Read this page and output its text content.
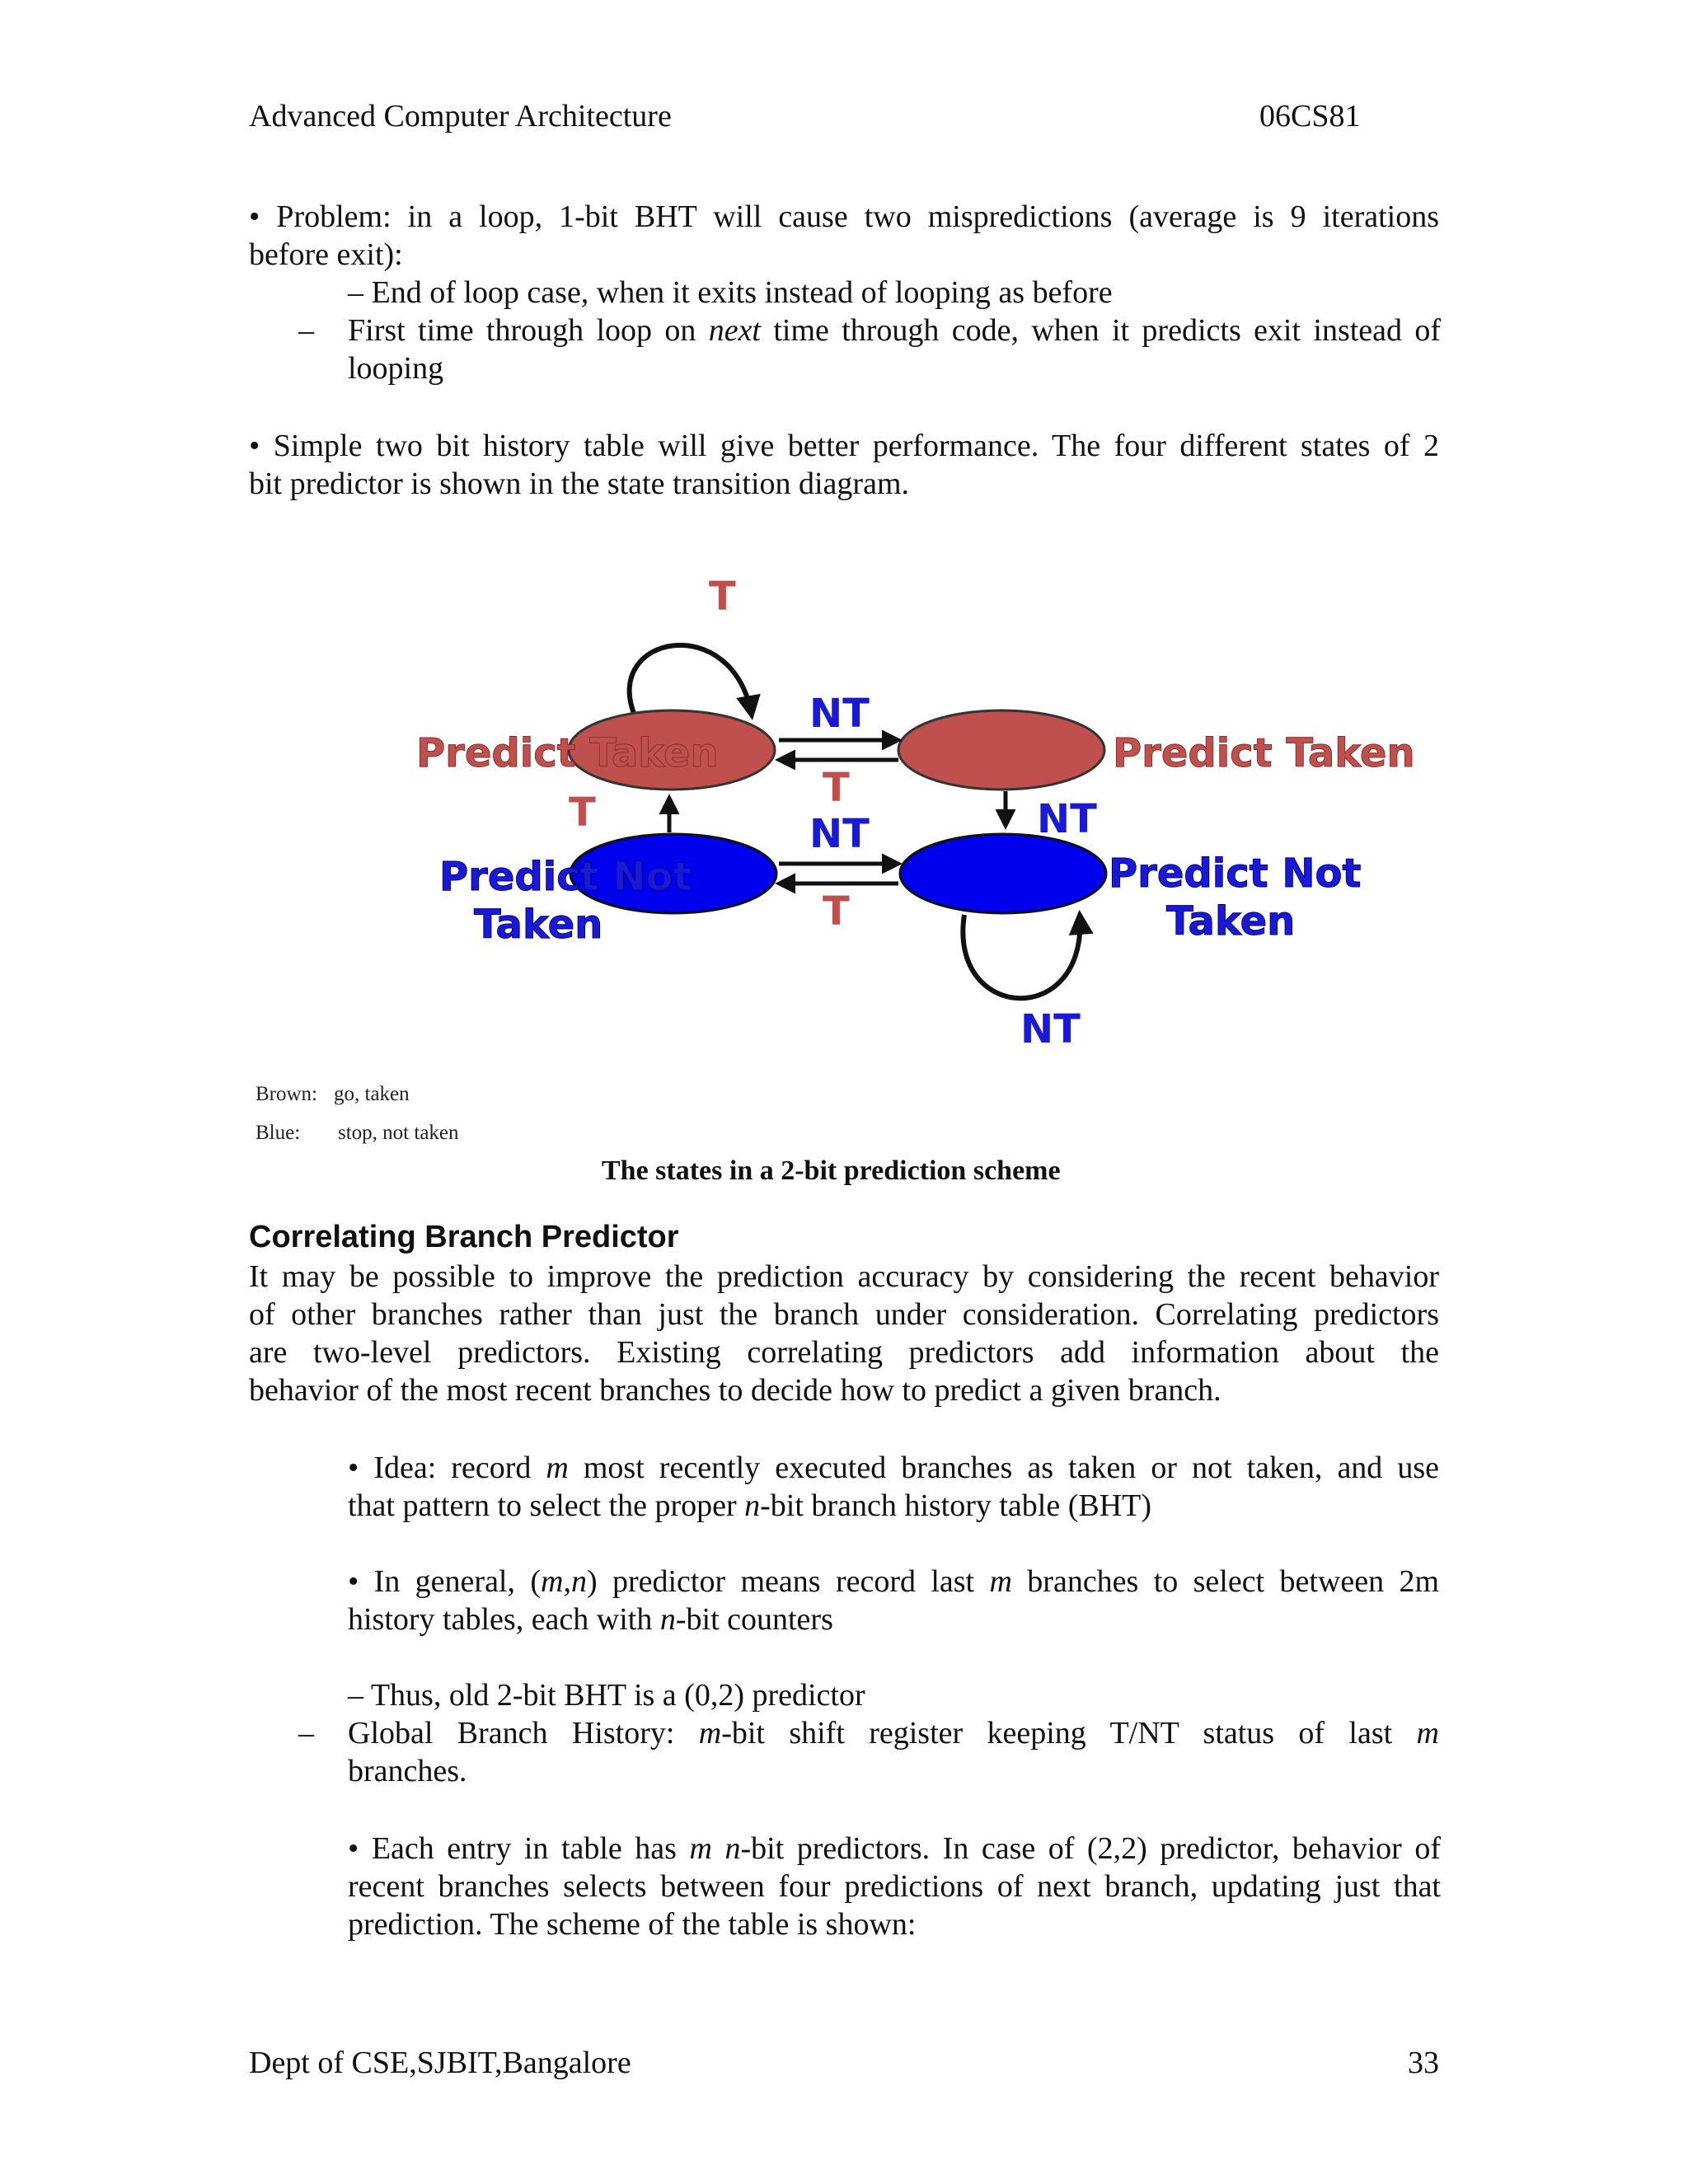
Advanced Computer Architecture	06CS81
• Problem: in a loop, 1-bit BHT will cause two mispredictions (average is 9 iterations
before exit):
– End of loop case, when it exits instead of looping as before
– First time through loop on next time through code, when it predicts exit instead of
looping
• Simple two bit history table will give better performance. The four different states of 2
bit predictor is shown in the state transition diagram.
Predict Taken	Predict Taken
Predict Not
Taken
Predict Not
Taken
T
NT
T
T	NT	NT
T
NT
Brown: go, taken
Blue: stop, not taken
The states in a 2-bit prediction scheme
Correlating Branch Predictor
It may be possible to improve the prediction accuracy by considering the recent behavior
of other branches rather than just the branch under consideration. Correlating predictors
are two-level predictors. Existing correlating predictors add information about the
behavior of the most recent branches to decide how to predict a given branch.
• Idea: record m most recently executed branches as taken or not taken, and use
that pattern to select the proper n-bit branch history table (BHT)
• In general, (m,n) predictor means record last m branches to select between 2m
history tables, each with n-bit counters
– Thus, old 2-bit BHT is a (0,2) predictor
– Global Branch History: m-bit shift register keeping T/NT status of last m
branches.
• Each entry in table has m n-bit predictors. In case of (2,2) predictor, behavior of
recent branches selects between four predictions of next branch, updating just that
prediction. The scheme of the table is shown:
Dept of CSE,SJBIT,Bangalore	33
